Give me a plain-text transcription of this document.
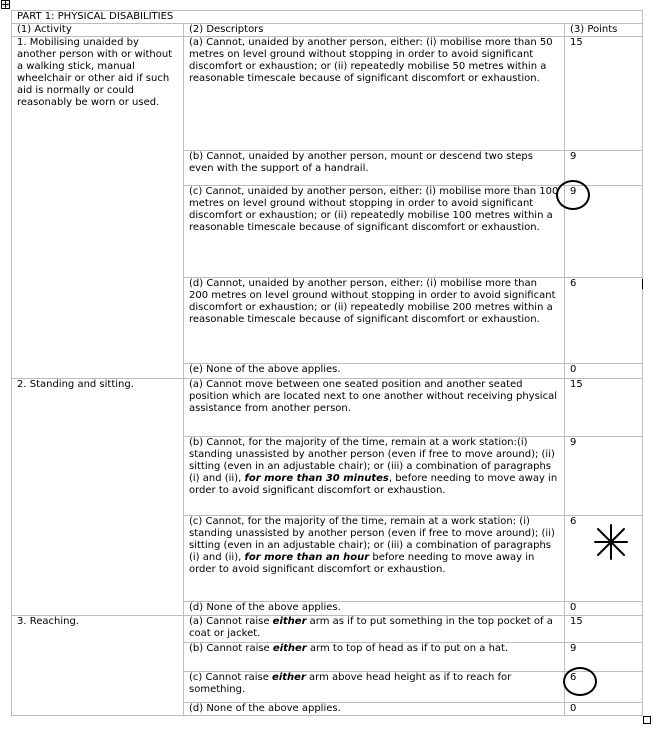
PART 1: PHYSICAL DISABILITIES		
(1) Activity	(2) Descriptors	(3) Points
1. Mobilising unaided by another person with or without a walking stick, manual wheelchair or other aid if such aid is normally or could reasonably be worn or used.	(a) Cannot, unaided by another person, either: (i) mobilise more than 50 metres on level ground without stopping in order to avoid significant discomfort or exhaustion; or (ii) repeatedly mobilise 50 metres within a reasonable timescale because of significant discomfort or exhaustion.	15
	(b) Cannot, unaided by another person, mount or descend two steps even with the support of a handrail.	9
	(c) Cannot, unaided by another person, either: (i) mobilise more than 100 metres on level ground without stopping in order to avoid significant discomfort or exhaustion; or (ii) repeatedly mobilise 100 metres within a reasonable timescale because of significant discomfort or exhaustion.	9
	(d) Cannot, unaided by another person, either: (i) mobilise more than 200 metres on level ground without stopping in order to avoid significant discomfort or exhaustion; or (ii) repeatedly mobilise 200 metres within a reasonable timescale because of significant discomfort or exhaustion.	6
	(e) None of the above applies.	0
2. Standing and sitting.	(a) Cannot move between one seated position and another seated position which are located next to one another without receiving physical assistance from another person.	15
	(b) Cannot, for the majority of the time, remain at a work station:(i) standing unassisted by another person (even if free to move around); (ii) sitting (even in an adjustable chair); or (iii) a combination of paragraphs (i) and (ii), for more than 30 minutes, before needing to move away in order to avoid significant discomfort or exhaustion.	9
	(c) Cannot, for the majority of the time, remain at a work station: (i) standing unassisted by another person (even if free to move around); (ii) sitting (even in an adjustable chair); or (iii) a combination of paragraphs (i) and (ii), for more than an hour before needing to move away in order to avoid significant discomfort or exhaustion.	6
	(d) None of the above applies.	0
3. Reaching.	(a) Cannot raise either arm as if to put something in the top pocket of a coat or jacket.	15
	(b) Cannot raise either arm to top of head as if to put on a hat.	9
	(c) Cannot raise either arm above head height as if to reach for something.	6
	(d) None of the above applies.	0
